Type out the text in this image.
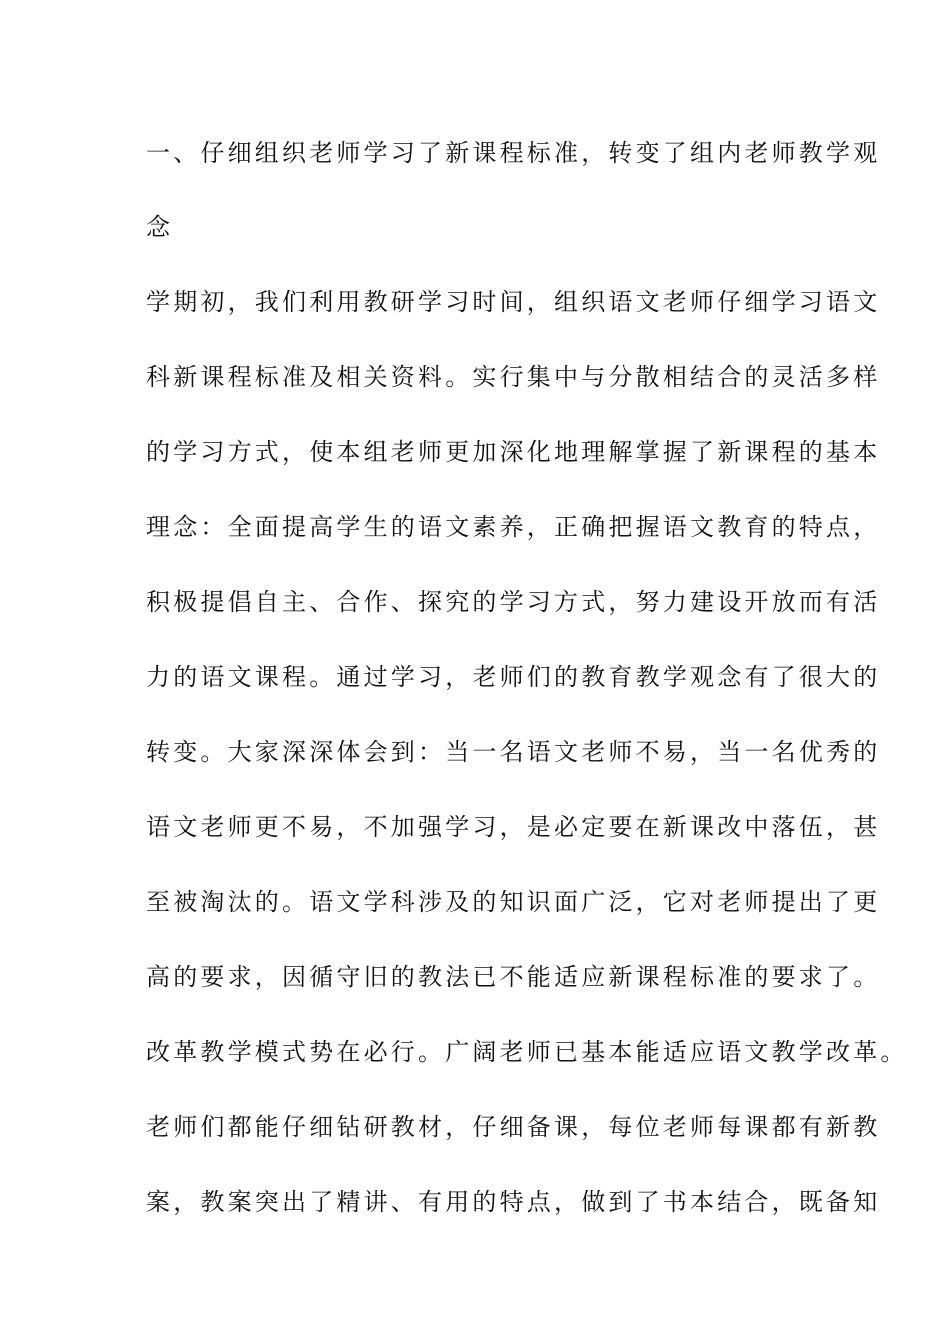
一、仔细组织老师学习了新课程标准，转变了组内老师教学观
念
学期初，我们利用教研学习时间，组织语文老师仔细学习语文
科新课程标准及相关资料。实行集中与分散相结合的灵活多样
的学习方式，使本组老师更加深化地理解掌握了新课程的基本
理念：全面提高学生的语文素养，正确把握语文教育的特点，
积极提倡自主、合作、探究的学习方式，努力建设开放而有活
力的语文课程。通过学习，老师们的教育教学观念有了很大的
转变。大家深深体会到：当一名语文老师不易，当一名优秀的
语文老师更不易，不加强学习，是必定要在新课改中落伍，甚
至被淘汰的。语文学科涉及的知识面广泛，它对老师提出了更
高的要求，因循守旧的教法已不能适应新课程标准的要求了。
改革教学模式势在必行。广阔老师已基本能适应语文教学改革。
老师们都能仔细钻研教材，仔细备课，每位老师每课都有新教
案，教案突出了精讲、有用的特点，做到了书本结合，既备知
